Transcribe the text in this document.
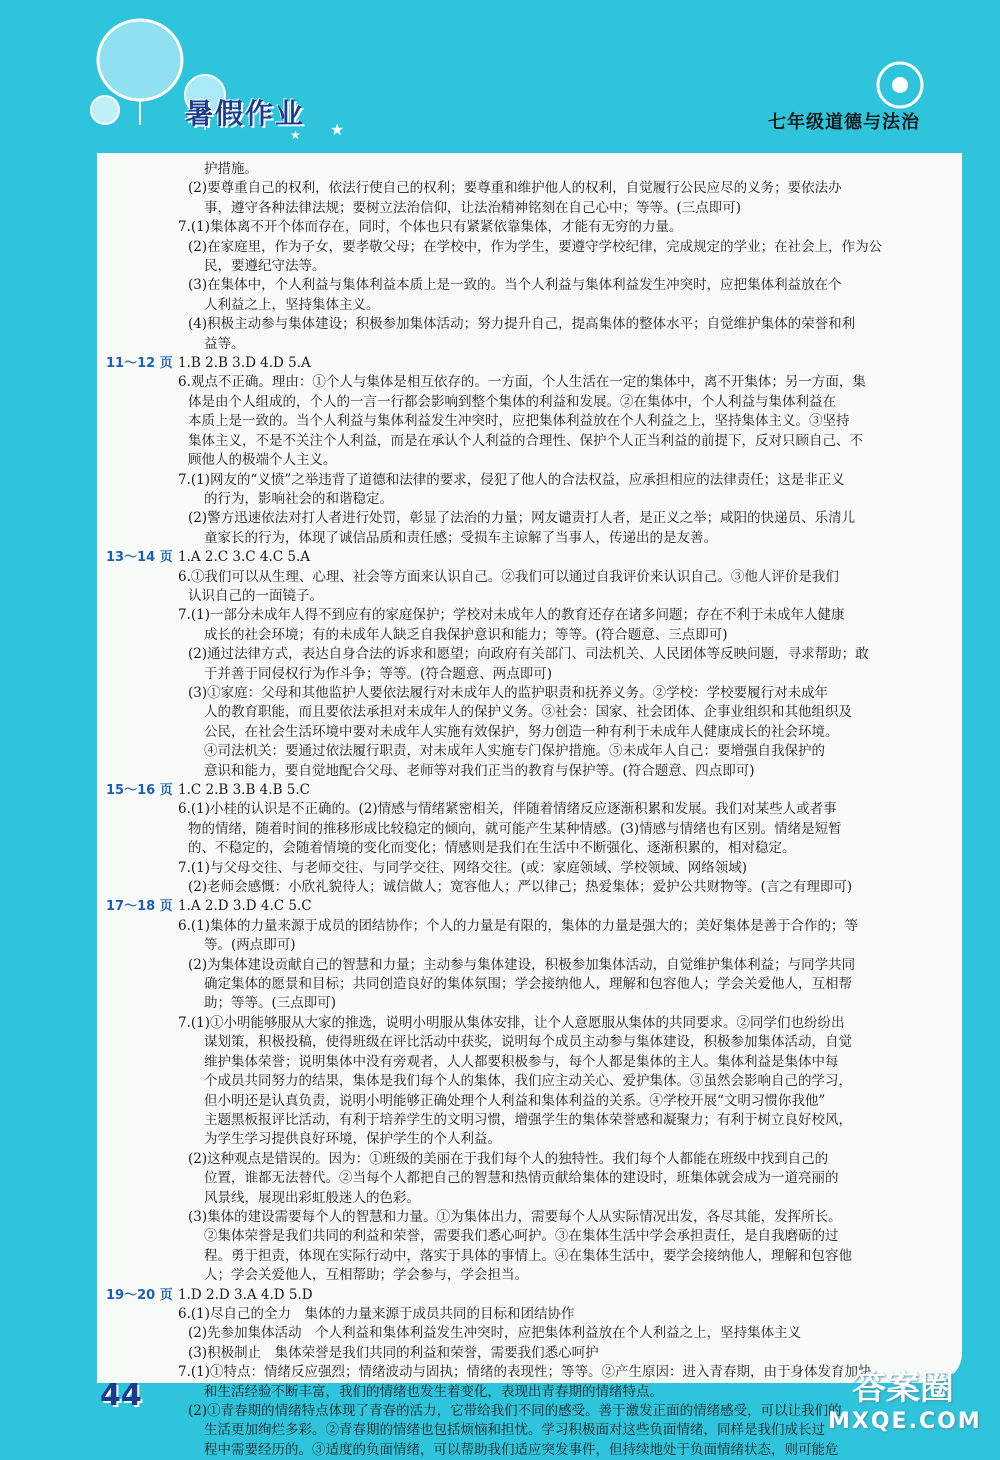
暑假作业 ★
★
七年级道德与法治
护措施。
(2)要尊重自己的权利，依法行使自己的权利；要尊重和维护他人的权利，自觉履行公民应尽的义务；要依法办
事，遵守各种法律法规；要树立法治信仰，让法治精神铭刻在自己心中；等等。(三点即可)
7.(1)集体离不开个体而存在，同时，个体也只有紧紧依靠集体，才能有无穷的力量。
(2)在家庭里，作为子女，要孝敬父母；在学校中，作为学生，要遵守学校纪律，完成规定的学业；在社会上，作为公
民，要遵纪守法等。
(3)在集体中，个人利益与集体利益本质上是一致的。当个人利益与集体利益发生冲突时，应把集体利益放在个
人利益之上，坚持集体主义。
(4)积极主动参与集体建设；积极参加集体活动；努力提升自己，提高集体的整体水平；自觉维护集体的荣誉和利
益等。
11～12 页 1.B 2.B 3.D 4.D 5.A
6.观点不正确。理由：①个人与集体是相互依存的。一方面，个人生活在一定的集体中，离不开集体；另一方面，集
体是由个人组成的，个人的一言一行都会影响到整个集体的利益和发展。②在集体中，个人利益与集体利益在
本质上是一致的。当个人利益与集体利益发生冲突时，应把集体利益放在个人利益之上，坚持集体主义。③坚持
集体主义，不是不关注个人利益，而是在承认个人利益的合理性、保护个人正当利益的前提下，反对只顾自己、不
顾他人的极端个人主义。
7.(1)网友的“义愤”之举违背了道德和法律的要求，侵犯了他人的合法权益，应承担相应的法律责任；这是非正义
的行为，影响社会的和谐稳定。
(2)警方迅速依法对打人者进行处罚，彰显了法治的力量；网友谴责打人者，是正义之举；咸阳的快递员、乐清儿
童家长的行为，体现了诚信品质和责任感；受损车主谅解了当事人，传递出的是友善。
13～14 页 1.A 2.C 3.C 4.C 5.A
6.①我们可以从生理、心理、社会等方面来认识自己。②我们可以通过自我评价来认识自己。③他人评价是我们
认识自己的一面镜子。
7.(1)一部分未成年人得不到应有的家庭保护；学校对未成年人的教育还存在诸多问题；存在不利于未成年人健康
成长的社会环境；有的未成年人缺乏自我保护意识和能力；等等。(符合题意、三点即可)
(2)通过法律方式，表达自身合法的诉求和愿望；向政府有关部门、司法机关、人民团体等反映问题，寻求帮助；敢
于并善于同侵权行为作斗争；等等。(符合题意、两点即可)
(3)①家庭：父母和其他监护人要依法履行对未成年人的监护职责和抚养义务。②学校：学校要履行对未成年
人的教育职能，而且要依法承担对未成年人的保护义务。③社会：国家、社会团体、企事业组织和其他组织及
公民，在社会生活环境中要对未成年人实施有效保护，努力创造一种有利于未成年人健康成长的社会环境。
④司法机关：要通过依法履行职责，对未成年人实施专门保护措施。⑤未成年人自己：要增强自我保护的
意识和能力，要自觉地配合父母、老师等对我们正当的教育与保护等。(符合题意、四点即可)
15～16 页 1.C 2.B 3.B 4.B 5.C
6.(1)小桂的认识是不正确的。(2)情感与情绪紧密相关，伴随着情绪反应逐渐积累和发展。我们对某些人或者事
物的情绪，随着时间的推移形成比较稳定的倾向，就可能产生某种情感。(3)情感与情绪也有区别。情绪是短暂
的、不稳定的，会随着情境的变化而变化；情感则是我们在生活中不断强化、逐渐积累的，相对稳定。
7.(1)与父母交往、与老师交往、与同学交往、网络交往。(或：家庭领域、学校领域、网络领域)
(2)老师会感慨：小欣礼貌待人；诚信做人；宽容他人；严以律己；热爱集体；爱护公共财物等。(言之有理即可)
17～18 页 1.A 2.D 3.D 4.C 5.C
6.(1)集体的力量来源于成员的团结协作；个人的力量是有限的，集体的力量是强大的；美好集体是善于合作的；等
等。(两点即可)
(2)为集体建设贡献自己的智慧和力量；主动参与集体建设，积极参加集体活动，自觉维护集体利益；与同学共同
确定集体的愿景和目标；共同创造良好的集体氛围；学会接纳他人，理解和包容他人；学会关爱他人，互相帮
助；等等。(三点即可)
7.(1)①小明能够服从大家的推选，说明小明服从集体安排，让个人意愿服从集体的共同要求。②同学们也纷纷出
谋划策，积极投稿，使得班级在评比活动中获奖，说明每个成员主动参与集体建设，积极参加集体活动，自觉
维护集体荣誉；说明集体中没有旁观者，人人都要积极参与，每个人都是集体的主人。集体利益是集体中每
个成员共同努力的结果，集体是我们每个人的集体，我们应主动关心、爱护集体。③虽然会影响自己的学习，
但小明还是认真负责，说明小明能够正确处理个人利益和集体利益的关系。④学校开展“文明习惯你我他”
主题黑板报评比活动，有利于培养学生的文明习惯，增强学生的集体荣誉感和凝聚力；有利于树立良好校风，
为学生学习提供良好环境，保护学生的个人利益。
(2)这种观点是错误的。因为：①班级的美丽在于我们每个人的独特性。我们每个人都能在班级中找到自己的
位置，谁都无法替代。②当每个人都把自己的智慧和热情贡献给集体的建设时，班集体就会成为一道亮丽的
风景线，展现出彩虹般迷人的色彩。
(3)集体的建设需要每个人的智慧和力量。①为集体出力，需要每个人从实际情况出发，各尽其能，发挥所长。
②集体荣誉是我们共同的利益和荣誉，需要我们悉心呵护。③在集体生活中学会承担责任，是自我磨砺的过
程。勇于担责，体现在实际行动中，落实于具体的事情上。④在集体生活中，要学会接纳他人，理解和包容他
人；学会关爱他人，互相帮助；学会参与，学会担当。
19～20 页 1.D 2.D 3.A 4.D 5.D
6.(1)尽自己的全力　集体的力量来源于成员共同的目标和团结协作
(2)先参加集体活动　个人利益和集体利益发生冲突时，应把集体利益放在个人利益之上，坚持集体主义
(3)积极制止　集体荣誉是我们共同的利益和荣誉，需要我们悉心呵护
7.(1)①特点：情绪反应强烈；情绪波动与固执；情绪的表现性；等等。②产生原因：进入青春期，由于身体发育加快
和生活经验不断丰富，我们的情绪也发生着变化，表现出青春期的情绪特点。
(2)①青春期的情绪特点体现了青春的活力，它带给我们不同的感受。善于激发正面的情绪感受，可以让我们的
生活更加绚烂多彩。②青春期的情绪也包括烦恼和担忧。学习积极面对这些负面情绪，同样是我们成长过
程中需要经历的。③适度的负面情绪，可以帮助我们适应突发事件，但持续地处于负面情绪状态，则可能危
44	答案圈
MXQE.COM
